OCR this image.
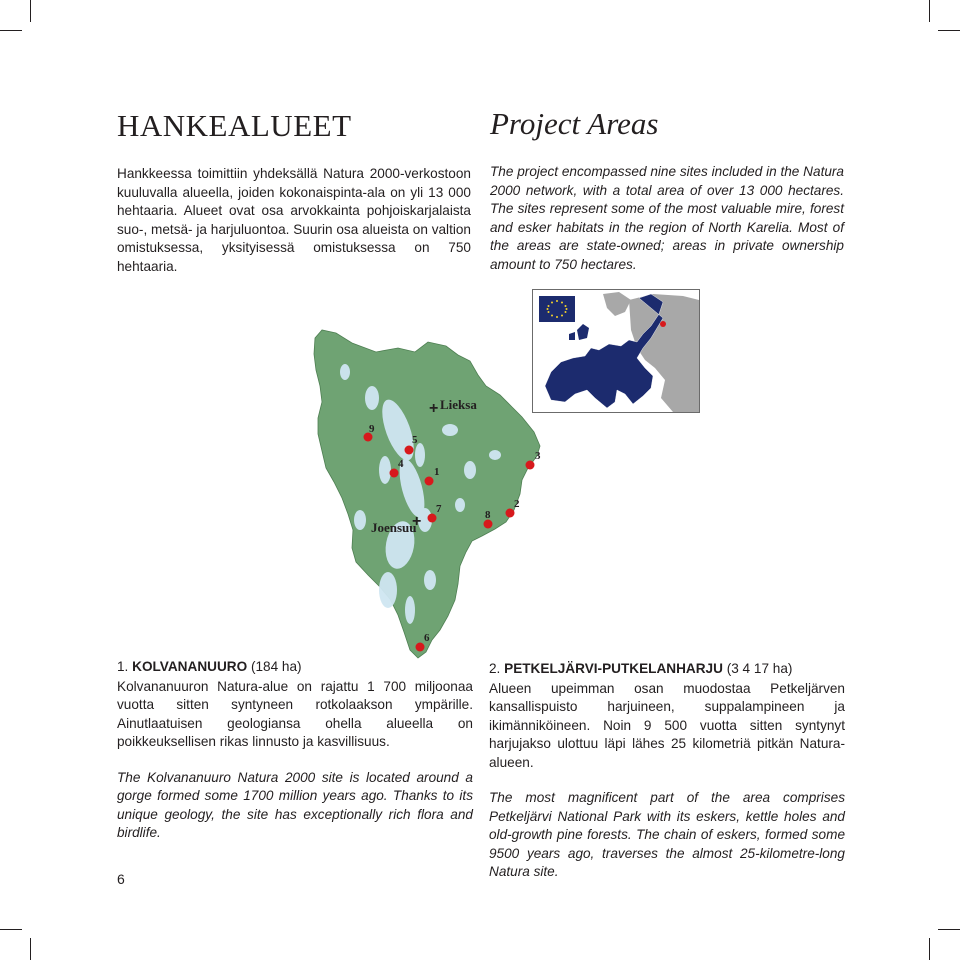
HANKEALUEET	Project Areas

Hankkeessa toimittiin yhdeksällä Natura 2000-verkostoon kuuluvalla alueella, joiden kokonaispinta-ala on yli 13 000 hehtaaria. Alueet ovat osa arvokkainta pohjoiskarjalaista suo-, metsä- ja harjuluontoa. Suurin osa alueista on valtion omistuksessa, yksityisessä omistuksessa on 750 hehtaaria.

The project encompassed nine sites included in the Natura 2000 network, with a total area of over 13 000 hectares. The sites represent some of the most valuable mire, forest and esker habitats in the region of North Karelia. Most of the areas are state-owned; areas in private ownership amount to 750 hectares.

+ Lieksa
+
Joensuu
1
2
3
4
5
6
7	8
9
1. KOLVANANUURO (184 ha)

Kolvananuuron Natura-alue on rajattu 1 700 miljoonaa vuotta sitten syntyneen rotkolaakson ympärille. Ainutlaatuisen geologiansa ohella alueella on poikkeuksellisen rikas linnusto ja kasvillisuus.

The Kolvananuuro Natura 2000 site is located around a gorge formed some 1700 million years ago. Thanks to its unique geology, the site has exceptionally rich flora and birdlife.

2. PETKELJÄRVI-PUTKELANHARJU (3 4 17 ha)

Alueen upeimman osan muodostaa Petkeljärven kansallispuisto harjuineen, suppalampineen ja ikimänniköineen. Noin 9 500 vuotta sitten syntynyt harjujakso ulottuu läpi lähes 25 kilometriä pitkän Natura-alueen.

The most magnificent part of the area comprises Petkeljärvi National Park with its eskers, kettle holes and old-growth pine forests. The chain of eskers, formed some 9500 years ago, traverses the almost 25-kilometre-long Natura site.

6
